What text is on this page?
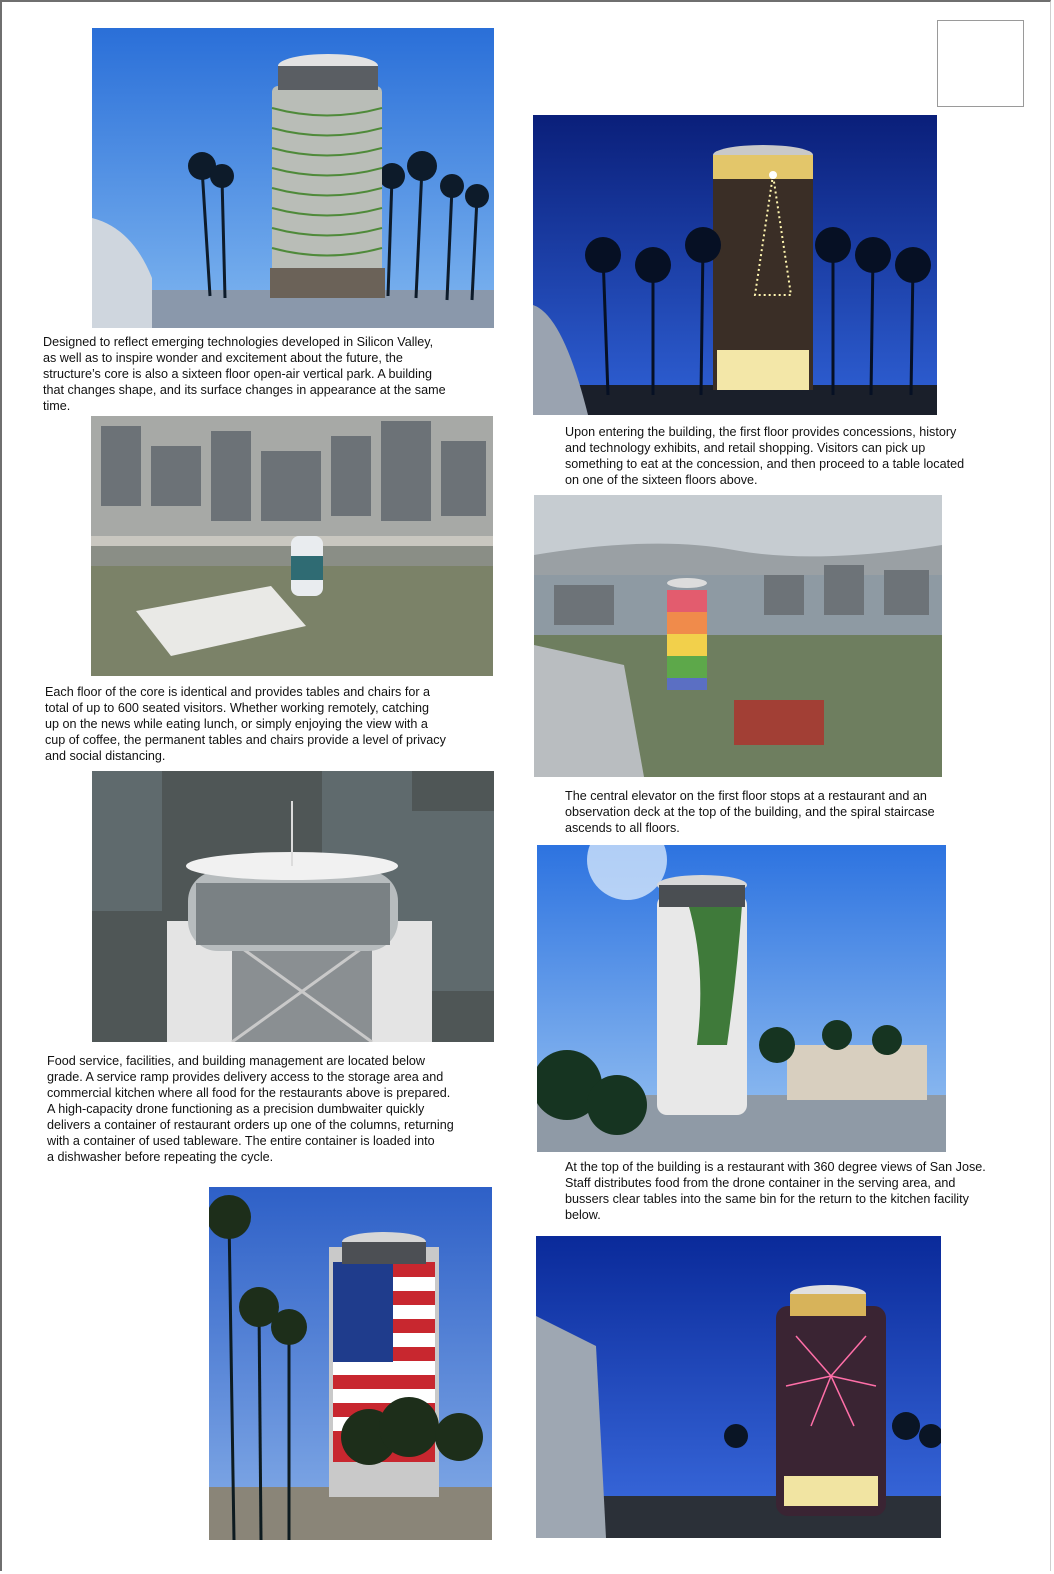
Designed to reflect emerging technologies developed in Silicon Valley,
as well as to inspire wonder and excitement about the future, the
structure’s core is also a sixteen floor open-air vertical park. A building
that changes shape, and its surface changes in appearance at the same
time.

Upon entering the building, the first floor provides concessions, history
and technology exhibits, and retail shopping. Visitors can pick up
something to eat at the concession, and then proceed to a table located
on one of the sixteen floors above.

Each floor of the core is identical and provides tables and chairs for a
total of up to 600 seated visitors. Whether working remotely, catching
up on the news while eating lunch, or simply enjoying the view with a
cup of coffee, the permanent tables and chairs provide a level of privacy
and social distancing.

The central elevator on the first floor stops at a restaurant and an
observation deck at the top of the building, and the spiral staircase
ascends to all floors.

Food service, facilities, and building management are located below
grade. A service ramp provides delivery access to the storage area and
commercial kitchen where all food for the restaurants above is prepared.
A high-capacity drone functioning as a precision dumbwaiter quickly
delivers a container of restaurant orders up one of the columns, returning
with a container of used tableware. The entire container is loaded into
a dishwasher before repeating the cycle.

At the top of the building is a restaurant with 360 degree views of San Jose.
Staff distributes food from the drone container in the serving area, and
bussers clear tables into the same bin for the return to the kitchen facility
below.
